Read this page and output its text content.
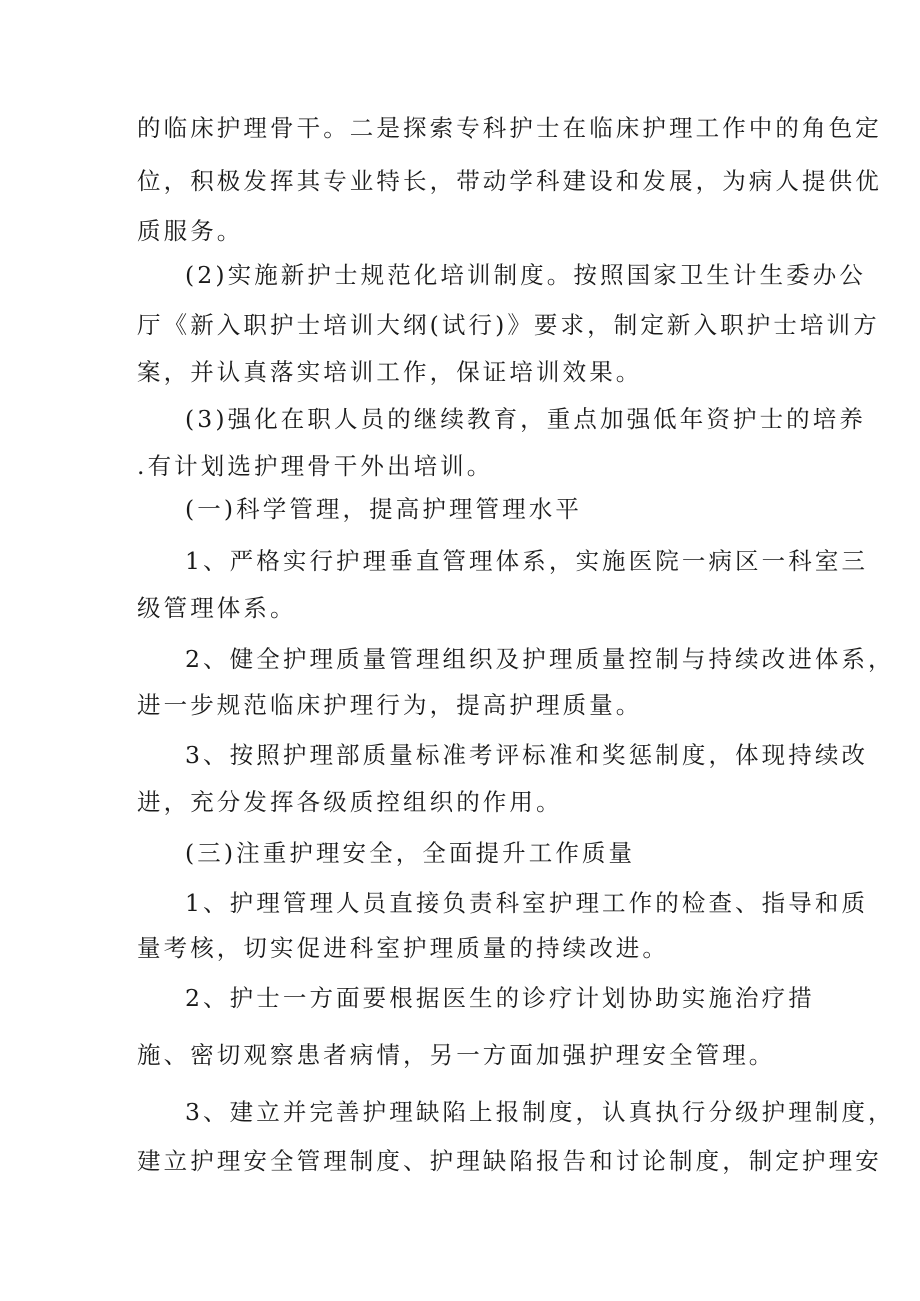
的临床护理骨干。二是探索专科护士在临床护理工作中的角色定
位，积极发挥其专业特长，带动学科建设和发展，为病人提供优
质服务。
(2)实施新护士规范化培训制度。按照国家卫生计生委办公
厅《新入职护士培训大纲(试行)》要求，制定新入职护士培训方
案，并认真落实培训工作，保证培训效果。
(3)强化在职人员的继续教育，重点加强低年资护士的培养
.有计划选护理骨干外出培训。
(一)科学管理，提高护理管理水平
1、严格实行护理垂直管理体系，实施医院一病区一科室三
级管理体系。
2、健全护理质量管理组织及护理质量控制与持续改进体系，
进一步规范临床护理行为，提高护理质量。
3、按照护理部质量标准考评标准和奖惩制度，体现持续改
进，充分发挥各级质控组织的作用。
(三)注重护理安全，全面提升工作质量
1、护理管理人员直接负责科室护理工作的检查、指导和质
量考核，切实促进科室护理质量的持续改进。
2、护士一方面要根据医生的诊疗计划协助实施治疗措
施、密切观察患者病情，另一方面加强护理安全管理。
3、建立并完善护理缺陷上报制度，认真执行分级护理制度，
建立护理安全管理制度、护理缺陷报告和讨论制度，制定护理安
